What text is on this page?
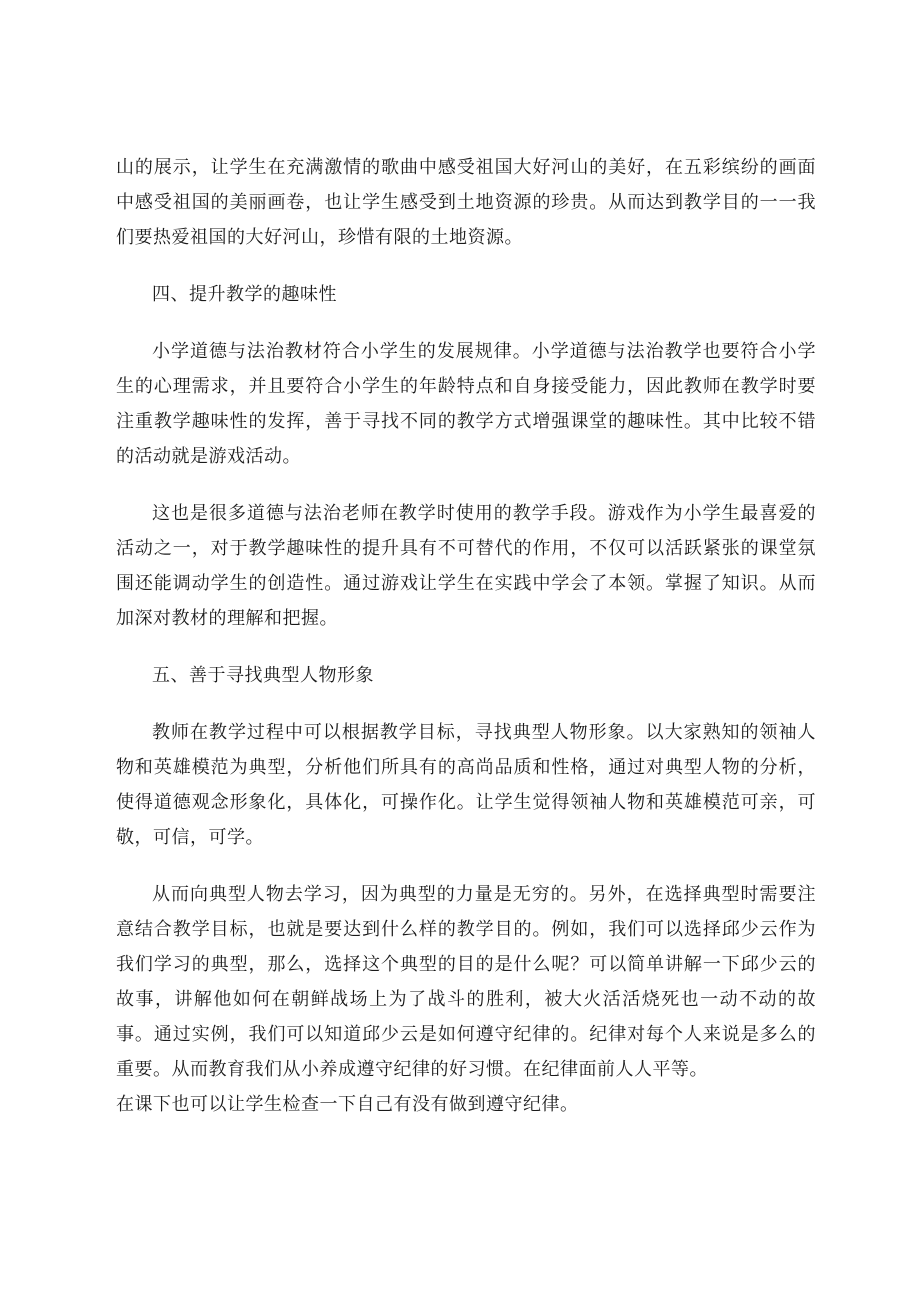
山的展示，让学生在充满激情的歌曲中感受祖国大好河山的美好，在五彩缤纷的画面中感受祖国的美丽画卷，也让学生感受到土地资源的珍贵。从而达到教学目的一一我们要热爱祖国的大好河山，珍惜有限的土地资源。

四、提升教学的趣味性

小学道德与法治教材符合小学生的发展规律。小学道德与法治教学也要符合小学生的心理需求，并且要符合小学生的年龄特点和自身接受能力，因此教师在教学时要注重教学趣味性的发挥，善于寻找不同的教学方式增强课堂的趣味性。其中比较不错的活动就是游戏活动。

这也是很多道德与法治老师在教学时使用的教学手段。游戏作为小学生最喜爱的活动之一，对于教学趣味性的提升具有不可替代的作用，不仅可以活跃紧张的课堂氛围还能调动学生的创造性。通过游戏让学生在实践中学会了本领。掌握了知识。从而加深对教材的理解和把握。

五、善于寻找典型人物形象

教师在教学过程中可以根据教学目标，寻找典型人物形象。以大家熟知的领袖人物和英雄模范为典型，分析他们所具有的高尚品质和性格，通过对典型人物的分析，使得道德观念形象化，具体化，可操作化。让学生觉得领袖人物和英雄模范可亲，可敬，可信，可学。

从而向典型人物去学习，因为典型的力量是无穷的。另外，在选择典型时需要注意结合教学目标，也就是要达到什么样的教学目的。例如，我们可以选择邱少云作为我们学习的典型，那么，选择这个典型的目的是什么呢？可以简单讲解一下邱少云的故事，讲解他如何在朝鲜战场上为了战斗的胜利，被大火活活烧死也一动不动的故事。通过实例，我们可以知道邱少云是如何遵守纪律的。纪律对每个人来说是多么的重要。从而教育我们从小养成遵守纪律的好习惯。在纪律面前人人平等。

在课下也可以让学生检查一下自己有没有做到遵守纪律。
